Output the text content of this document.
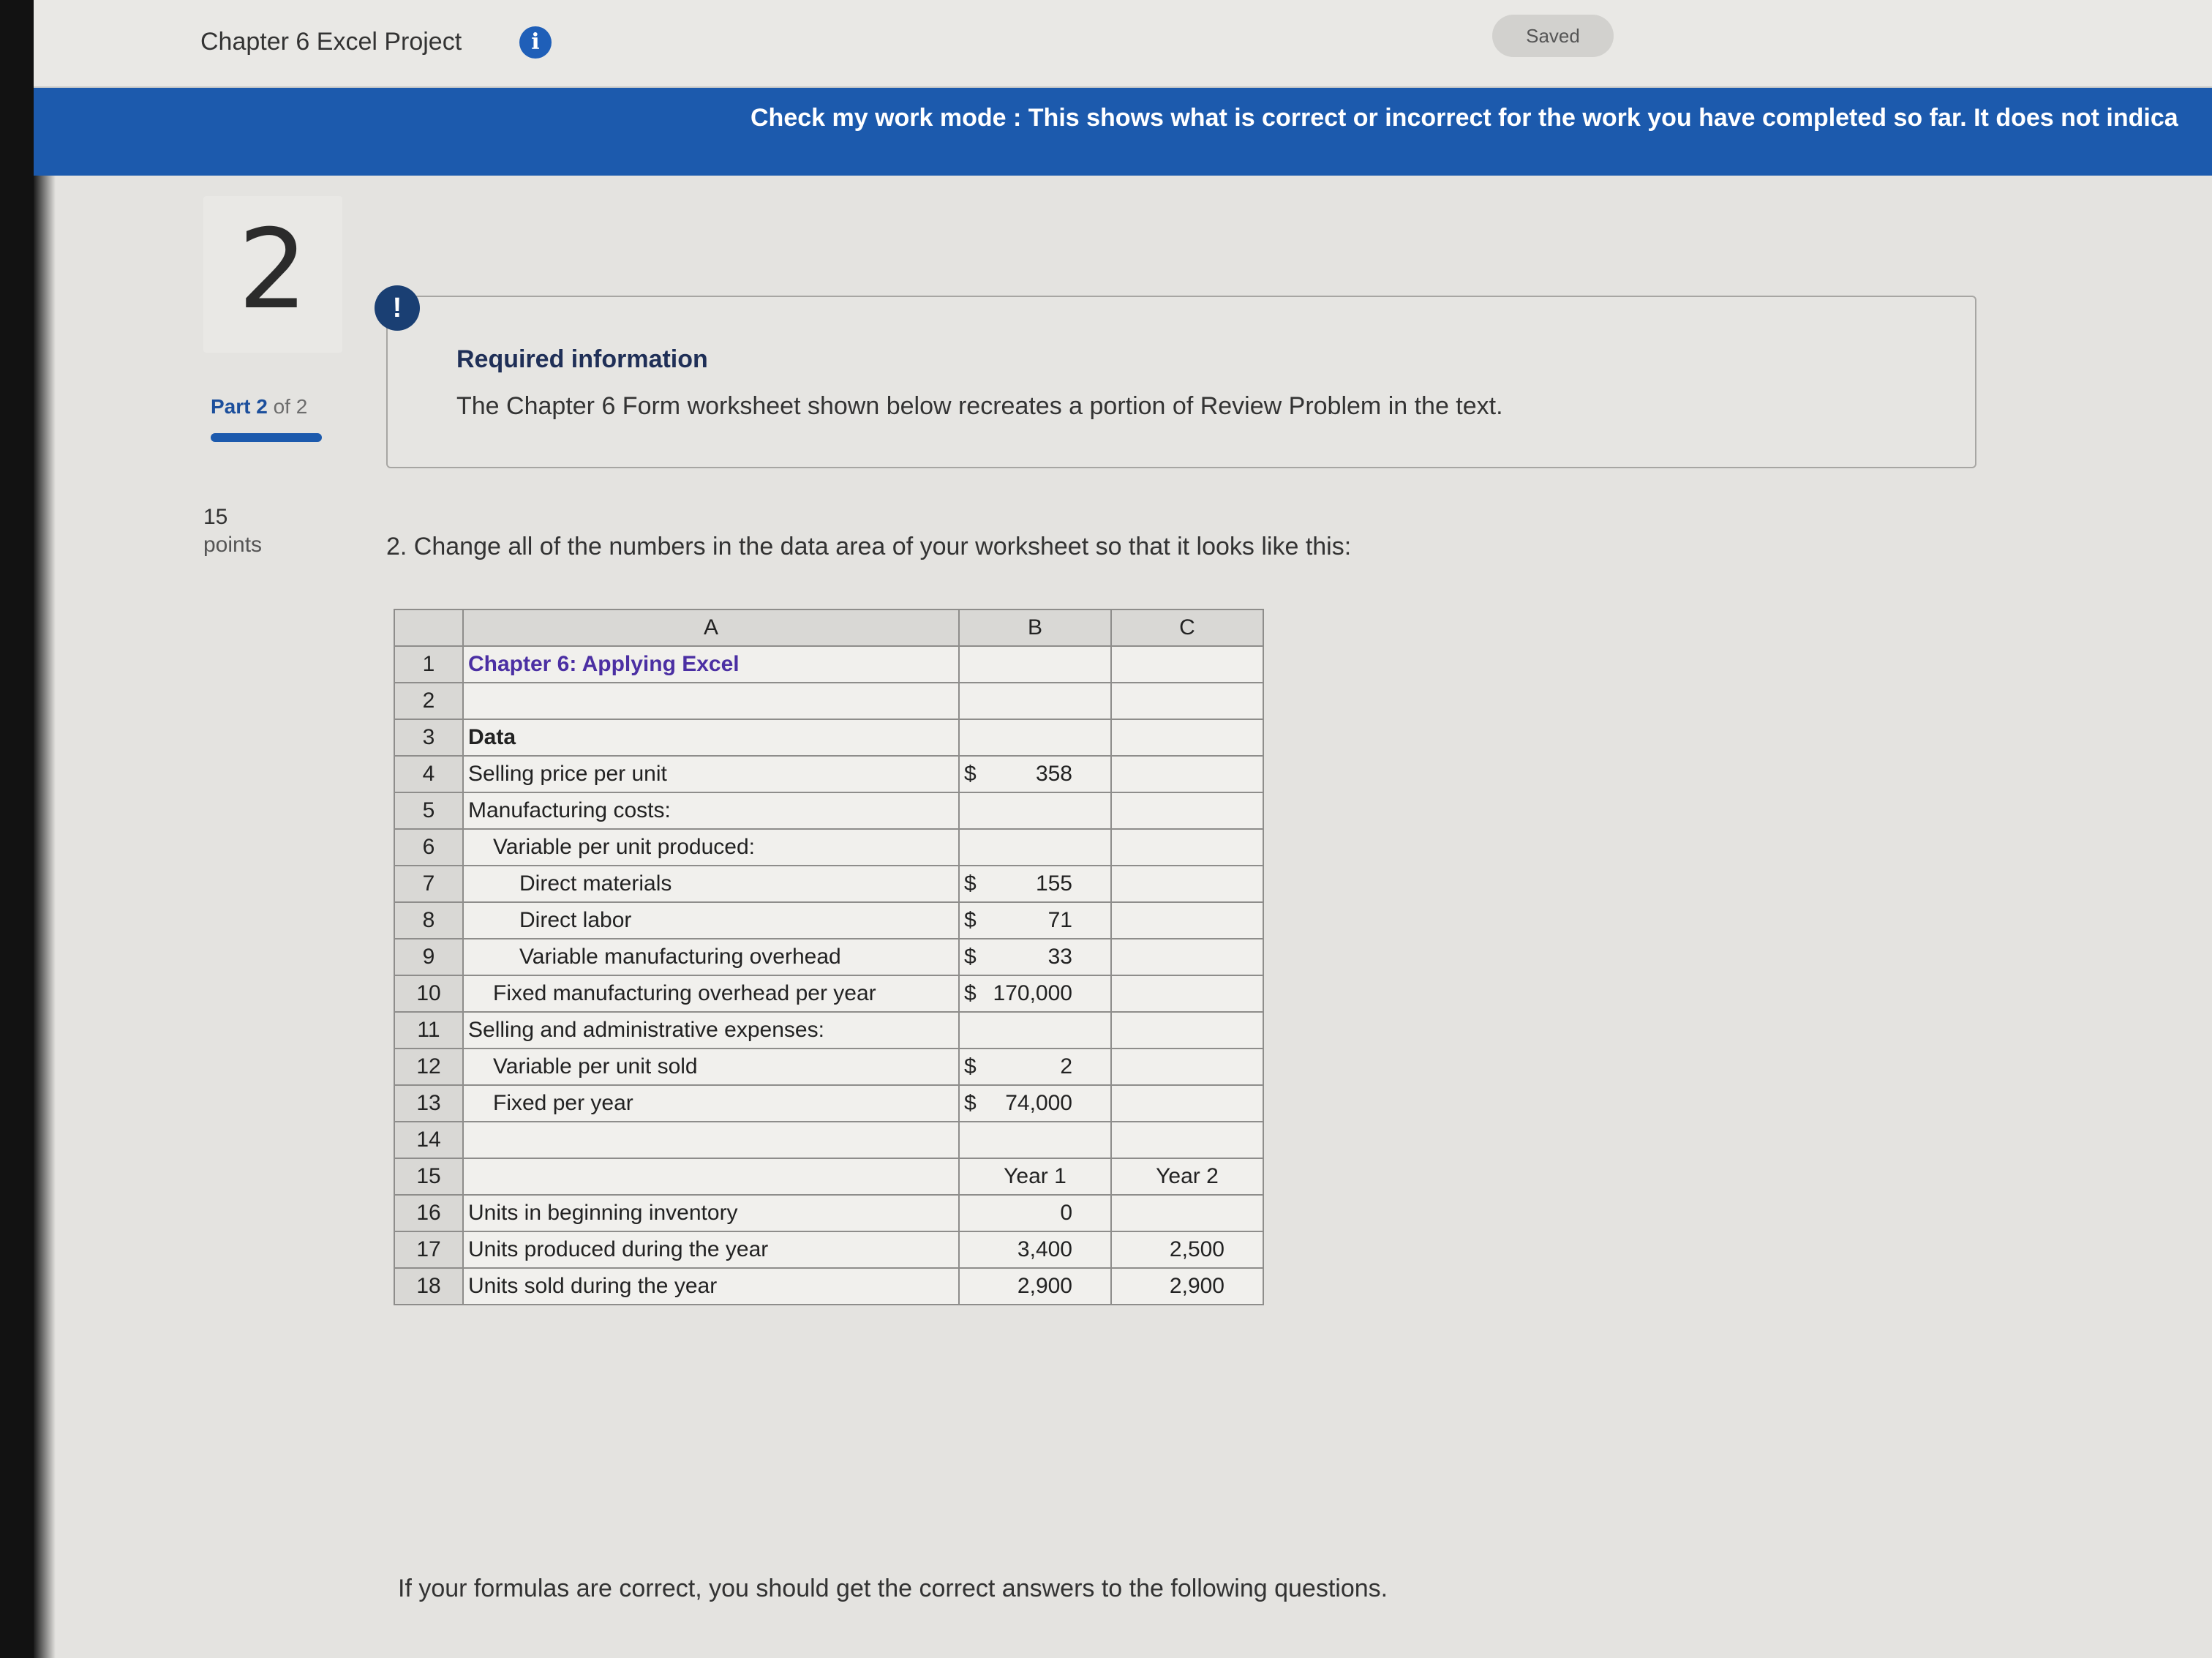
Chapter 6 Excel Project	i	Saved
Check my work mode : This shows what is correct or incorrect for the work you have completed so far. It does not indica
2
Part 2 of 2
15
points
!
Required information
The Chapter 6 Form worksheet shown below recreates a portion of Review Problem in the text.
2. Change all of the numbers in the data area of your worksheet so that it looks like this:
	A	B	C
1	Chapter 6: Applying Excel		
2			
3	Data		
4	Selling price per unit	$ 358	

5	Manufacturing costs:		
6	Variable per unit produced:		
7	Direct materials	$ 155	

8	Direct labor	$ 71	

9	Variable manufacturing overhead	$ 33	

10	Fixed manufacturing overhead per year	$ 170,000	

11	Selling and administrative expenses:		
12	Variable per unit sold	$ 2	

13	Fixed per year	$ 74,000	

14			
15		Year 1	Year 2
16	Units in beginning inventory	0	
17	Units produced during the year	3,400	2,500
18	Units sold during the year	2,900	2,900
If your formulas are correct, you should get the correct answers to the following questions.
